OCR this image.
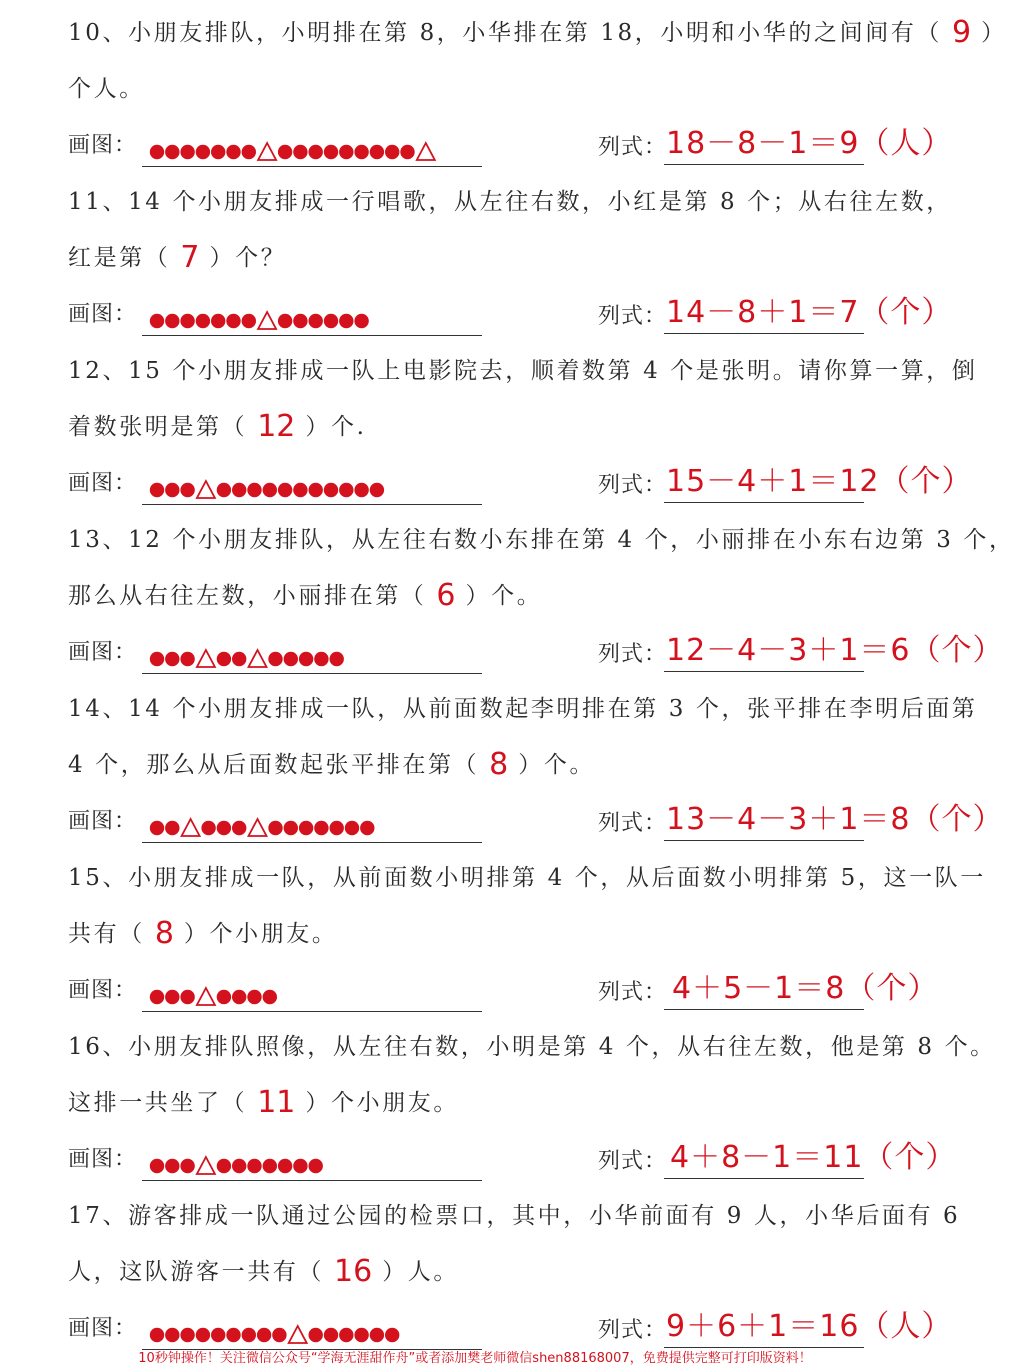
10、小朋友排队，小明排在第 8，小华排在第 18，小明和小华的之间间有（ 9 ）
个人。
画图：	列式：
18－8－1＝9（人）
11、14 个小朋友排成一行唱歌，从左往右数，小红是第 8 个；从右往左数，
红是第（ 7 ）个？
画图：	列式：
14－8＋1＝7（个）
12、15 个小朋友排成一队上电影院去，顺着数第 4 个是张明。请你算一算，倒
着数张明是第（ 12 ）个.
画图：	列式：
15－4＋1＝12（个）
13、12 个小朋友排队，从左往右数小东排在第 4 个，小丽排在小东右边第 3 个，
那么从右往左数，小丽排在第（ 6 ）个。
画图：	列式：
12－4－3＋1＝6（个）
14、14 个小朋友排成一队，从前面数起李明排在第 3 个，张平排在李明后面第
4 个，那么从后面数起张平排在第（ 8 ）个。
画图：	列式：
13－4－3＋1＝8（个）
15、小朋友排成一队，从前面数小明排第 4 个，从后面数小明排第 5，这一队一
共有（ 8 ）个小朋友。
画图：	列式： 4＋5－1＝8（个）
16、小朋友排队照像，从左往右数，小明是第 4 个，从右往左数，他是第 8 个。
这排一共坐了（ 11 ）个小朋友。
画图：	列式： 4＋8－1＝11（个）
17、游客排成一队通过公园的检票口，其中，小华前面有 9 人，小华后面有 6
人，这队游客一共有（ 16 ）人。
画图：	列式：
9＋6＋1＝16（人）
10秒钟操作！关注微信公众号“学海无涯甜作舟”或者添加樊老师微信shen88168007，免费提供完整可打印版资料！
